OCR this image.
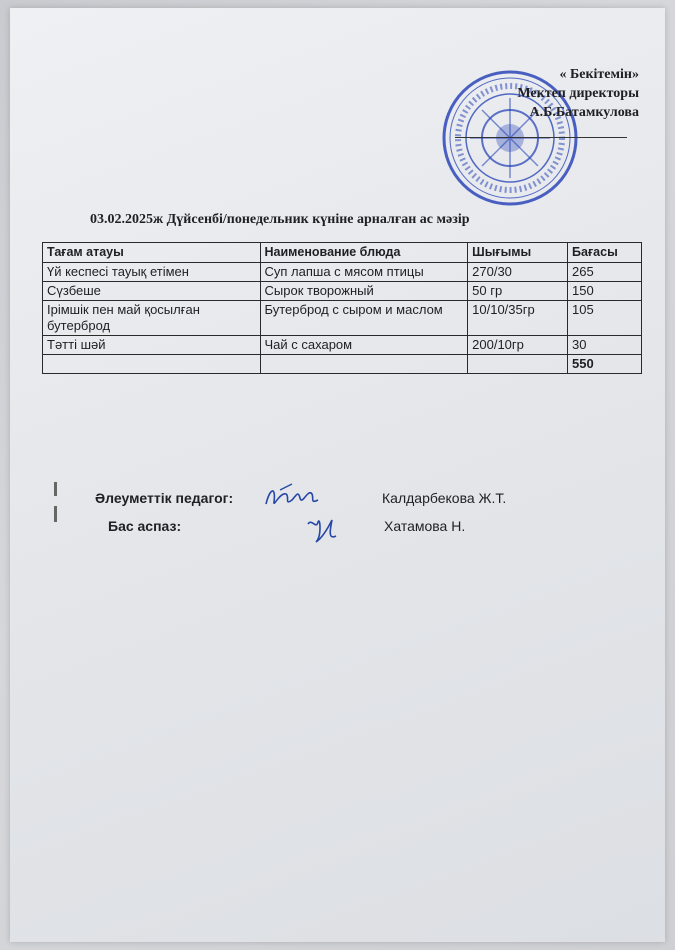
« Бекітемін»
Мектеп директоры
А.Б.Батамкулова
03.02.2025ж Дүйсенбі/понедельник күніне арналған ас мәзір
Тағам атауы	Наименование блюда	Шығымы	Бағасы
Үй кеспесі тауық етімен	Суп лапша с мясом птицы	270/30	265
Сүзбеше	Сырок творожный	50 гр	150
Ірімшік пен май қосылған бутерброд	Бутерброд с сыром и маслом	10/10/35гр	105
Тәтті шәй	Чай с сахаром	200/10гр	30
			550
Әлеуметтік педагог:	Калдарбекова Ж.Т.
Бас аспаз:	Хатамова Н.
